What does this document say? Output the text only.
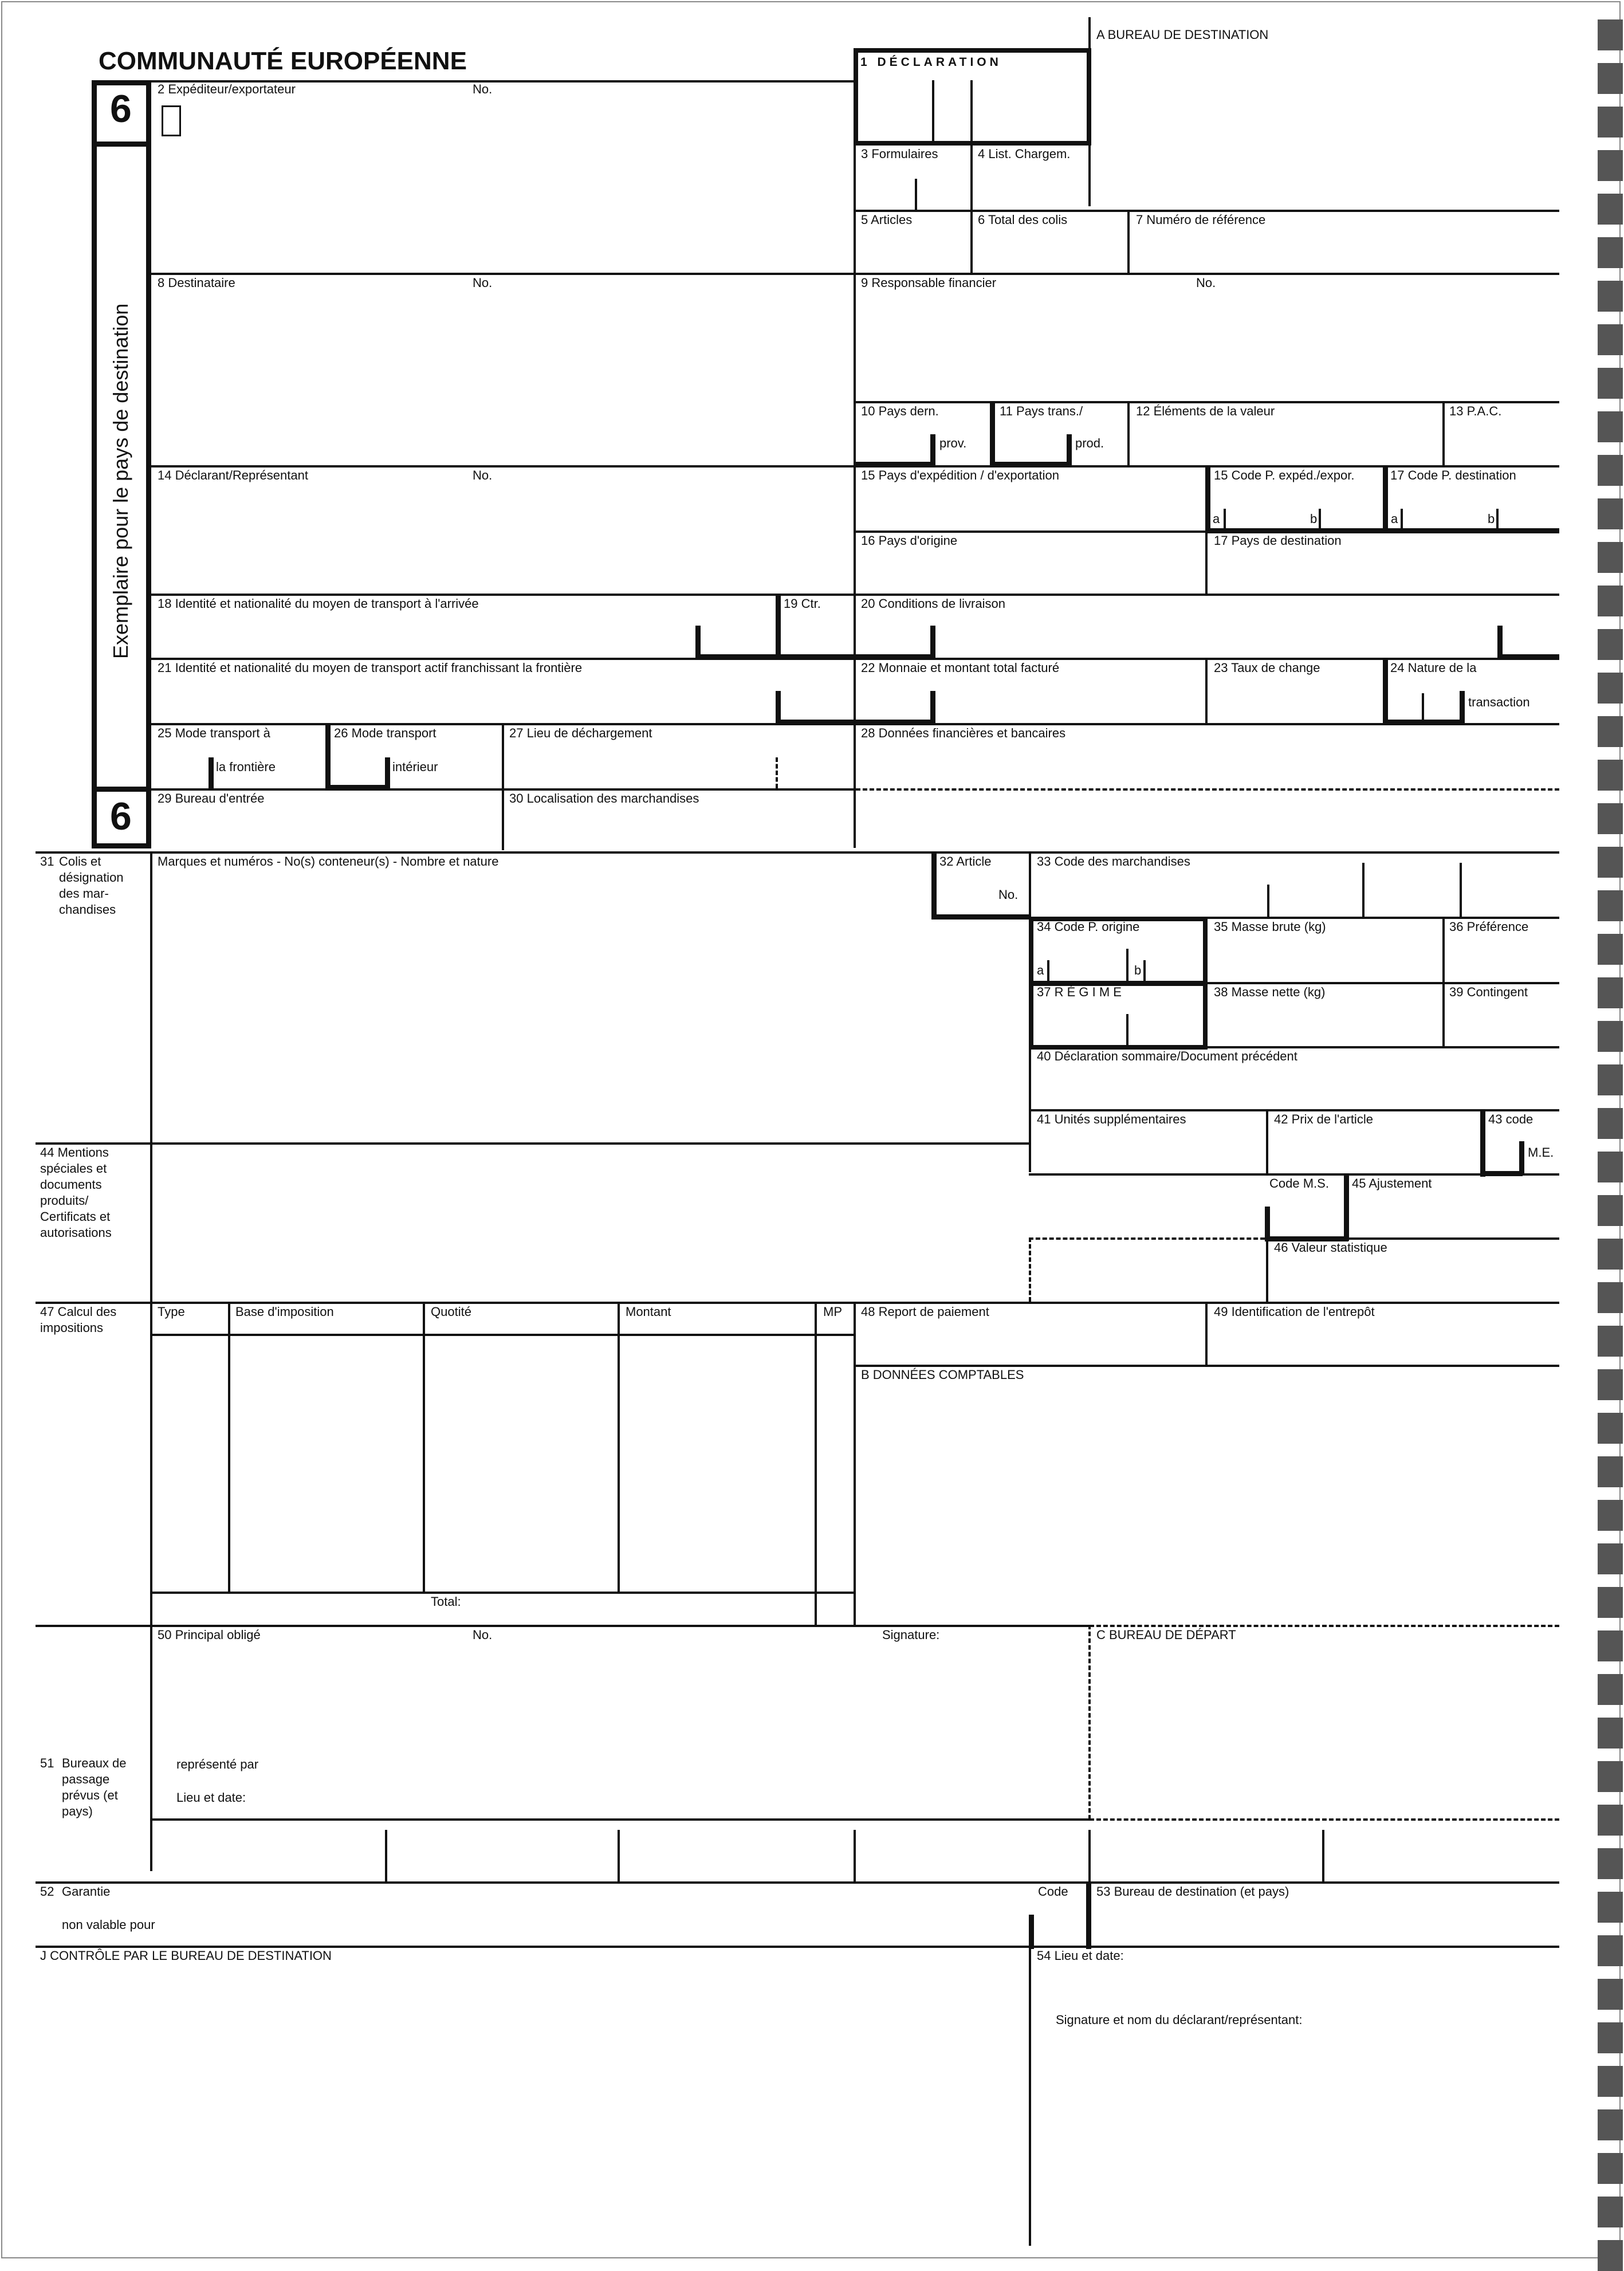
COMMUNAUTÉ EUROPÉENNE
6
6
Exemplaire pour le pays de destination
A BUREAU DE DESTINATION
1 DÉCLARATION
2 Expéditeur/exportateur	No.
3 Formulaires	4 List. Chargem.
5 Articles	6 Total des colis	7 Numéro de référence
8 Destinataire	No.	9 Responsable financier	No.
10 Pays dern.
prov.
11 Pays trans./
prod.
12 Éléments de la valeur	13 P.A.C.
14 Déclarant/Représentant	No.	15 Pays d'expédition / d'exportation	15 Code P. expéd./expor.
a	b
17 Code P. destination
a	b
16 Pays d'origine	17 Pays de destination
18 Identité et nationalité du moyen de transport à l'arrivée	19 Ctr.	20 Conditions de livraison
21 Identité et nationalité du moyen de transport actif franchissant la frontière	22 Monnaie et montant total facturé	23 Taux de change	24 Nature de la
transaction
25 Mode transport à
la frontière
26 Mode transport
intérieur
27 Lieu de déchargement	28 Données financières et bancaires
29 Bureau d'entrée	30 Localisation des marchandises
31 Colis et désignation des mar- chandises
Marques et numéros - No(s) conteneur(s) - Nombre et nature	32 Article
No.
33 Code des marchandises
34 Code P. origine
a	b
35 Masse brute (kg)	36 Préférence
37 R É G I M E	38 Masse nette (kg)	39 Contingent
40 Déclaration sommaire/Document précédent
41 Unités supplémentaires	42 Prix de l'article	43 code
M.E.
44 Mentions spéciales et documents produits/ Certificats et autorisations
Code M.S. 45 Ajustement
46 Valeur statistique
47 Calcul des impositions
Type	Base d'imposition	Quotité	Montant	MP
Total:
48 Report de paiement	49 Identification de l'entrepôt
B DONNÉES COMPTABLES
50 Principal obligé	No.	Signature:	C BUREAU DE DÉPART
51 Bureaux de passage prévus (et pays)
représenté par
Lieu et date:
52 Garantie
non valable pour
Code 53 Bureau de destination (et pays)
J CONTRÔLE PAR LE BUREAU DE DESTINATION	54 Lieu et date:
Signature et nom du déclarant/représentant:
